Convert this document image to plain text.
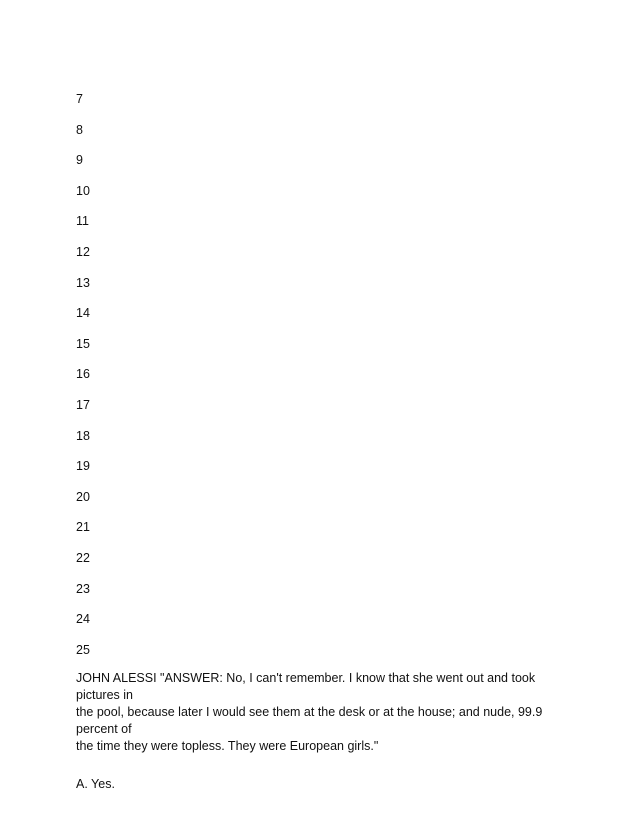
7
8
9
10
11
12
13
14
15
16
17
18
19
20
21
22
23
24
25

JOHN ALESSI "ANSWER: No, I can't remember. I know that she went out and took pictures in
the pool, because later I would see them at the desk or at the house; and nude, 99.9 percent of
the time they were topless. They were European girls."

A. Yes.
